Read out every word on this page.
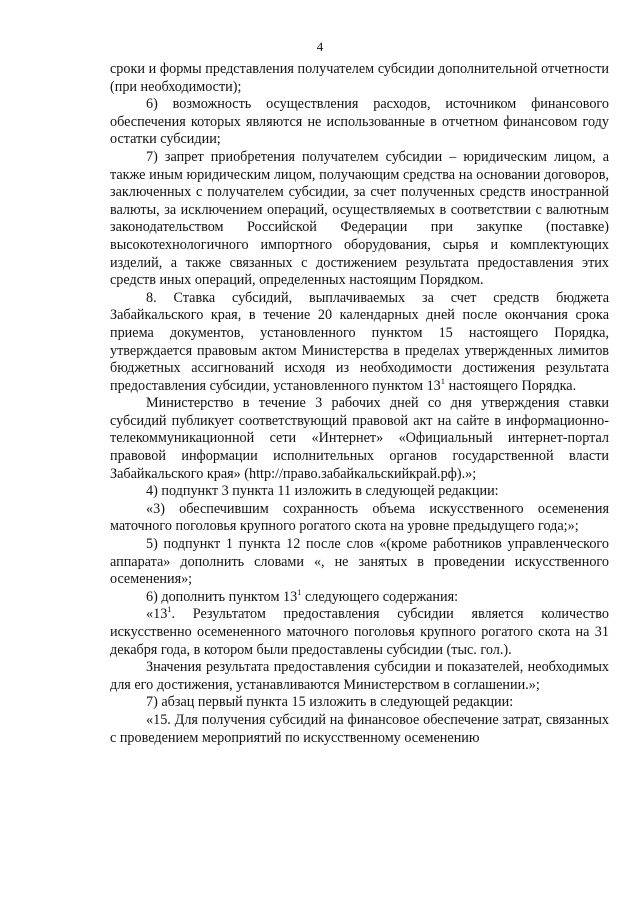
4

сроки и формы представления получателем субсидии дополнительной отчетности (при необходимости);

6) возможность осуществления расходов, источником финансового обеспечения которых являются не использованные в отчетном финансовом году остатки субсидии;

7) запрет приобретения получателем субсидии – юридическим лицом, а также иным юридическим лицом, получающим средства на основании договоров, заключенных с получателем субсидии, за счет полученных средств иностранной валюты, за исключением операций, осуществляемых в соответствии с валютным законодательством Российской Федерации при закупке (поставке) высокотехнологичного импортного оборудования, сырья и комплектующих изделий, а также связанных с достижением результата предоставления этих средств иных операций, определенных настоящим Порядком.

8. Ставка субсидий, выплачиваемых за счет средств бюджета Забайкальского края, в течение 20 календарных дней после окончания срока приема документов, установленного пунктом 15 настоящего Порядка, утверждается правовым актом Министерства в пределах утвержденных лимитов бюджетных ассигнований исходя из необходимости достижения результата предоставления субсидии, установленного пунктом $13^1$ настоящего Порядка.

Министерство в течение 3 рабочих дней со дня утверждения ставки субсидий публикует соответствующий правовой акт на сайте в информационно-телекоммуникационной сети «Интернет» «Официальный интернет-портал правовой информации исполнительных органов государственной власти Забайкальского края» (http://право.забайкальскийкрай.рф).»;

4) подпункт 3 пункта 11 изложить в следующей редакции:

«3) обеспечившим сохранность объема искусственного осеменения маточного поголовья крупного рогатого скота на уровне предыдущего года;»;

5) подпункт 1 пункта 12 после слов «(кроме работников управленческого аппарата» дополнить словами «, не занятых в проведении искусственного осеменения»;

6) дополнить пунктом $13^1$ следующего содержания:

«$13^1$. Результатом предоставления субсидии является количество искусственно осемененного маточного поголовья крупного рогатого скота на 31 декабря года, в котором были предоставлены субсидии (тыс. гол.).

Значения результата предоставления субсидии и показателей, необходимых для его достижения, устанавливаются Министерством в соглашении.»;

7) абзац первый пункта 15 изложить в следующей редакции:

«15. Для получения субсидий на финансовое обеспечение затрат, связанных с проведением мероприятий по искусственному осеменению
